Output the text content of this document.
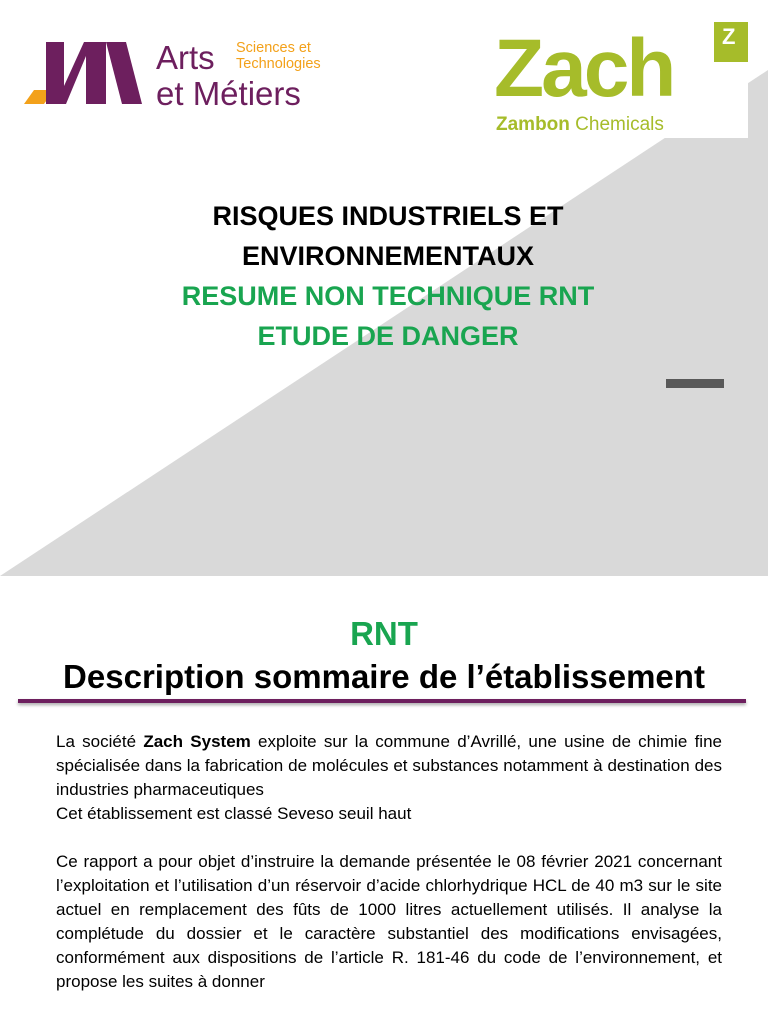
Arts
et Métiers
Sciences et
Technologies	Zach Z
Zambon Chemicals

RISQUES INDUSTRIELS ET

ENVIRONNEMENTAUX

RESUME NON TECHNIQUE RNT

ETUDE DE DANGER

RNT
Description sommaire de l’établissement

La société Zach System exploite sur la commune d’Avrillé, une usine de chimie fine spécialisée dans la fabrication de molécules et substances notamment à destination des industries pharmaceutiques

Cet établissement est classé Seveso seuil haut

Ce rapport a pour objet d’instruire la demande présentée le 08 février 2021 concernant l’exploitation et l’utilisation d’un réservoir d’acide chlorhydrique HCL de 40 m3 sur le site actuel en remplacement des fûts de 1000 litres actuellement utilisés. Il analyse la complétude du dossier et le caractère substantiel des modifications envisagées, conformément aux dispositions de l’article R. 181-46 du code de l’environnement, et propose les suites à donner
